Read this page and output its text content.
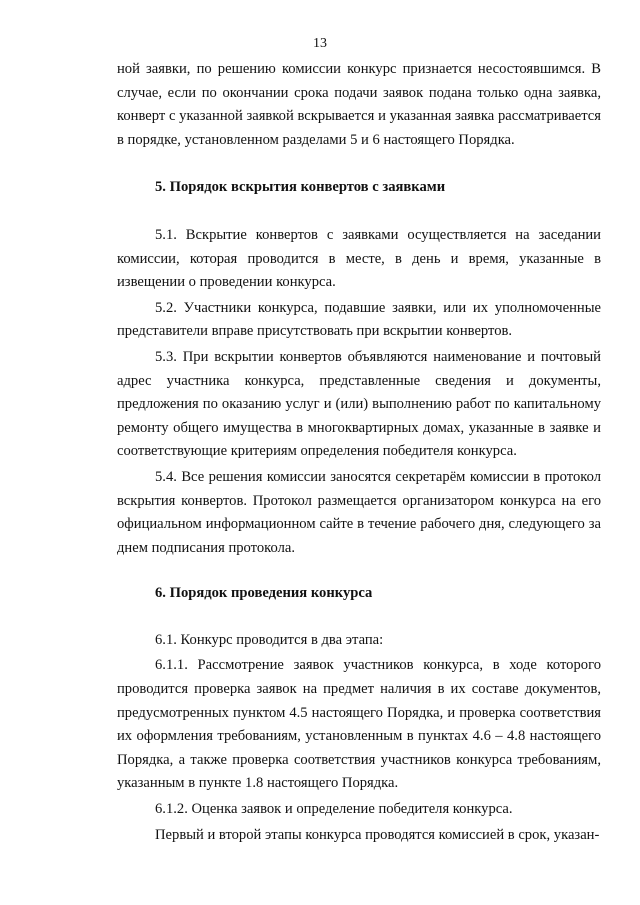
13

ной заявки, по решению комиссии конкурс признается несостоявшимся. В случае, если по окончании срока подачи заявок подана только одна заявка, конверт с указанной заявкой вскрывается и указанная заявка рассматривается в порядке, установленном разделами 5 и 6 настоящего Порядка.

5. Порядок вскрытия конвертов с заявками

5.1. Вскрытие конвертов с заявками осуществляется на заседании комиссии, которая проводится в месте, в день и время, указанные в извещении о проведении конкурса.

5.2. Участники конкурса, подавшие заявки, или их уполномоченные представители вправе присутствовать при вскрытии конвертов.

5.3. При вскрытии конвертов объявляются наименование и почтовый адрес участника конкурса, представленные сведения и документы, предложения по оказанию услуг и (или) выполнению работ по капитальному ремонту общего имущества в многоквартирных домах, указанные в заявке и соответствующие критериям определения победителя конкурса.

5.4. Все решения комиссии заносятся секретарём комиссии в протокол вскрытия конвертов. Протокол размещается организатором конкурса на его официальном информационном сайте в течение рабочего дня, следующего за днем подписания протокола.

6. Порядок проведения конкурса

6.1. Конкурс проводится в два этапа:

6.1.1. Рассмотрение заявок участников конкурса, в ходе которого проводится проверка заявок на предмет наличия в их составе документов, предусмотренных пунктом 4.5 настоящего Порядка, и проверка соответствия их оформления требованиям, установленным в пунктах 4.6 – 4.8 настоящего Порядка, а также проверка соответствия участников конкурса требованиям, указанным в пункте 1.8 настоящего Порядка.

6.1.2. Оценка заявок и определение победителя конкурса.

Первый и второй этапы конкурса проводятся комиссией в срок, указан-
